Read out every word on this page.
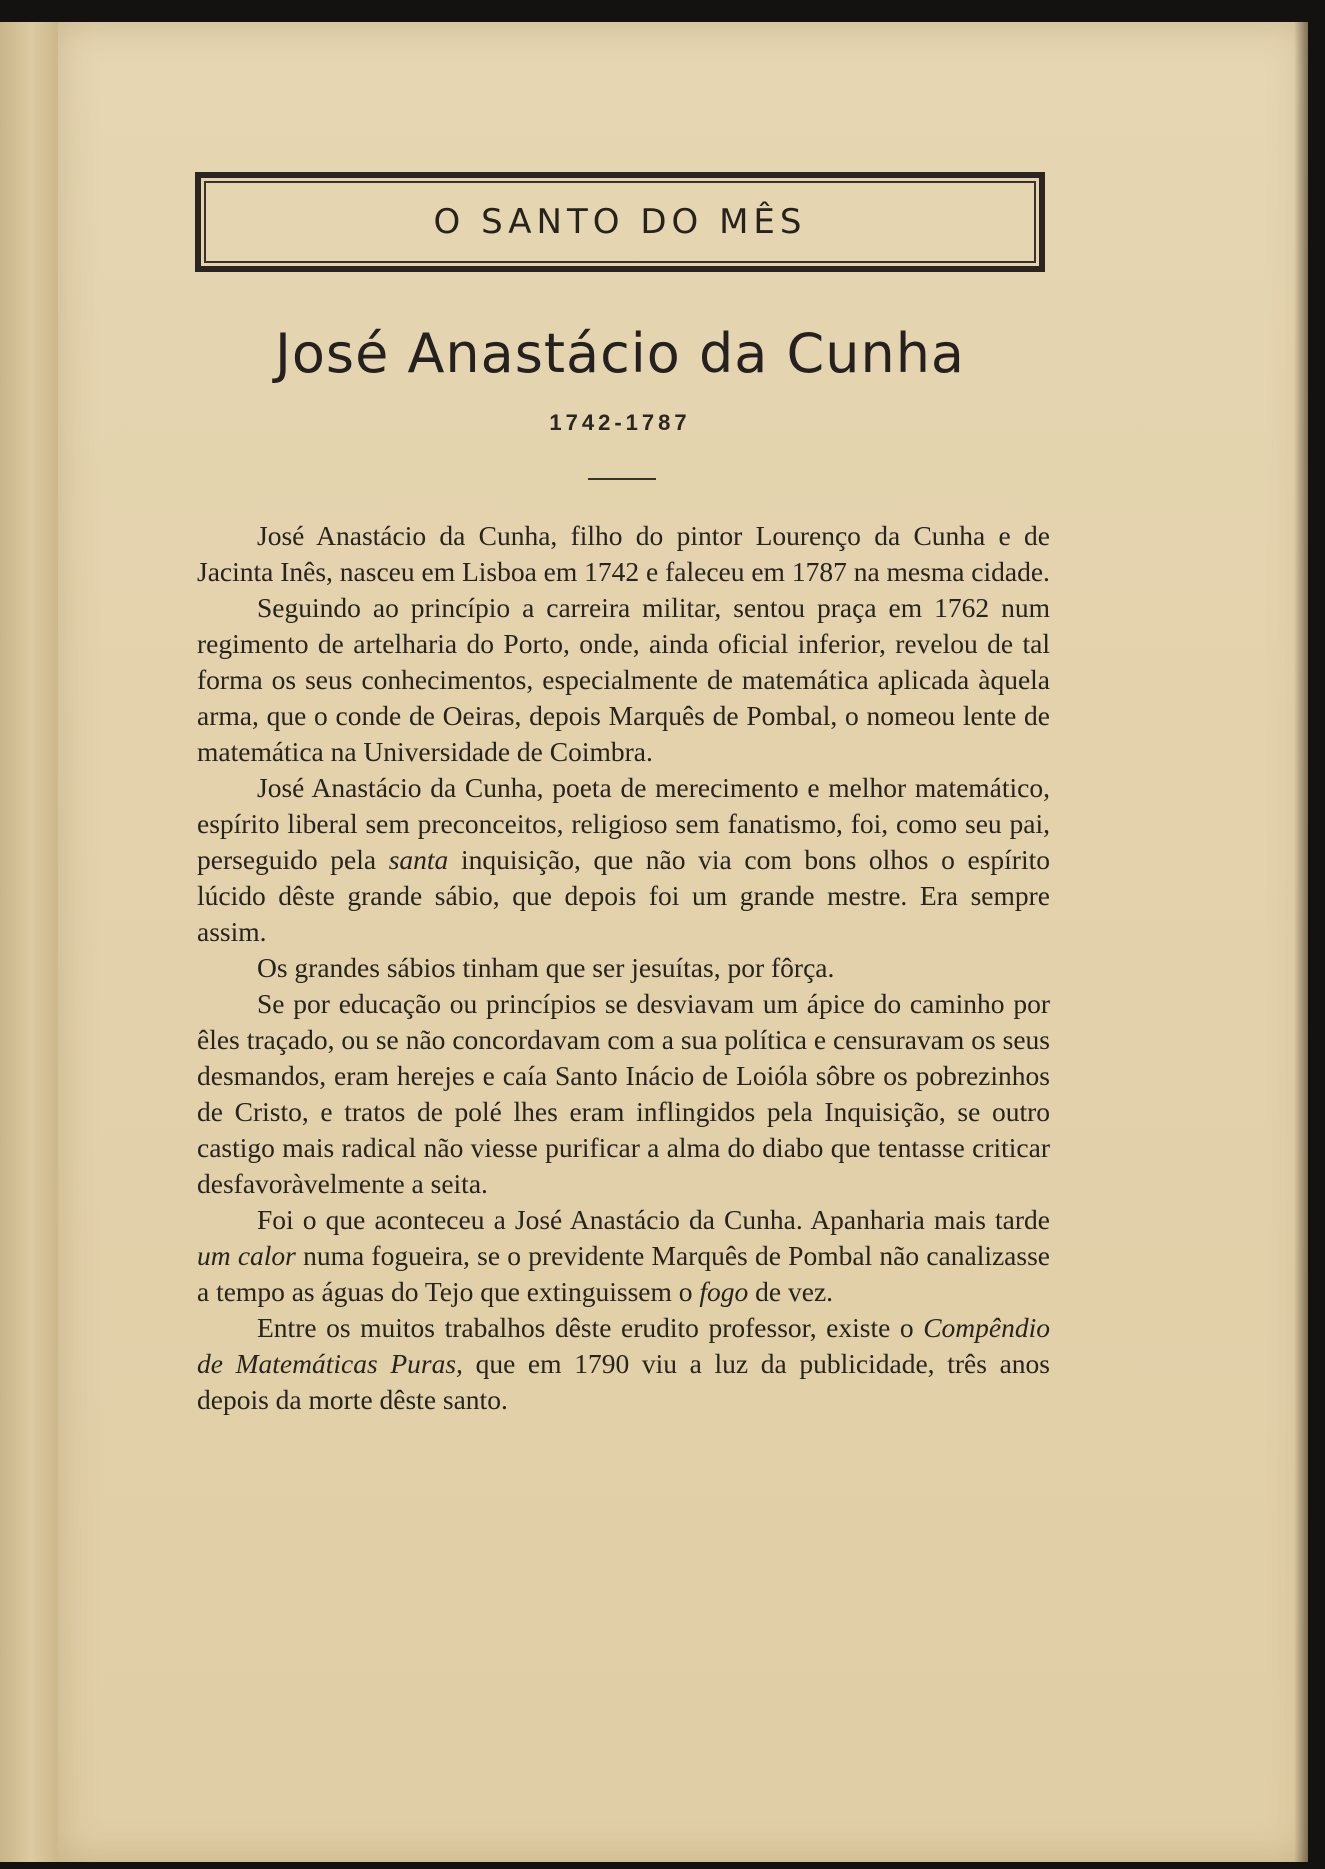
O SANTO DO MÊS
José Anastácio da Cunha
1742-1787

José Anastácio da Cunha, filho do pintor Lourenço da Cunha e de Jacinta Inês, nasceu em Lisboa em 1742 e faleceu em 1787 na mesma cidade.

Seguindo ao princípio a carreira militar, sentou praça em 1762 num regimento de artelharia do Porto, onde, ainda oficial inferior, revelou de tal forma os seus conhecimentos, especialmente de matemática aplicada àquela arma, que o conde de Oeiras, depois Marquês de Pombal, o nomeou lente de matemática na Universidade de Coimbra.

José Anastácio da Cunha, poeta de merecimento e melhor matemático, espírito liberal sem preconceitos, religioso sem fanatismo, foi, como seu pai, perseguido pela santa inquisição, que não via com bons olhos o espírito lúcido dêste grande sábio, que depois foi um grande mestre. Era sempre assim.

Os grandes sábios tinham que ser jesuítas, por fôrça.

Se por educação ou princípios se desviavam um ápice do caminho por êles traçado, ou se não concordavam com a sua política e censuravam os seus desmandos, eram herejes e caía Santo Inácio de Loióla sôbre os pobrezinhos de Cristo, e tratos de polé lhes eram inflingidos pela Inquisição, se outro castigo mais radical não viesse purificar a alma do diabo que tentasse criticar desfavoràvelmente a seita.

Foi o que aconteceu a José Anastácio da Cunha. Apanharia mais tarde um calor numa fogueira, se o previdente Marquês de Pombal não canalizasse a tempo as águas do Tejo que extinguissem o fogo de vez.

Entre os muitos trabalhos dêste erudito professor, existe o Compêndio de Matemáticas Puras, que em 1790 viu a luz da publicidade, três anos depois da morte dêste santo.
